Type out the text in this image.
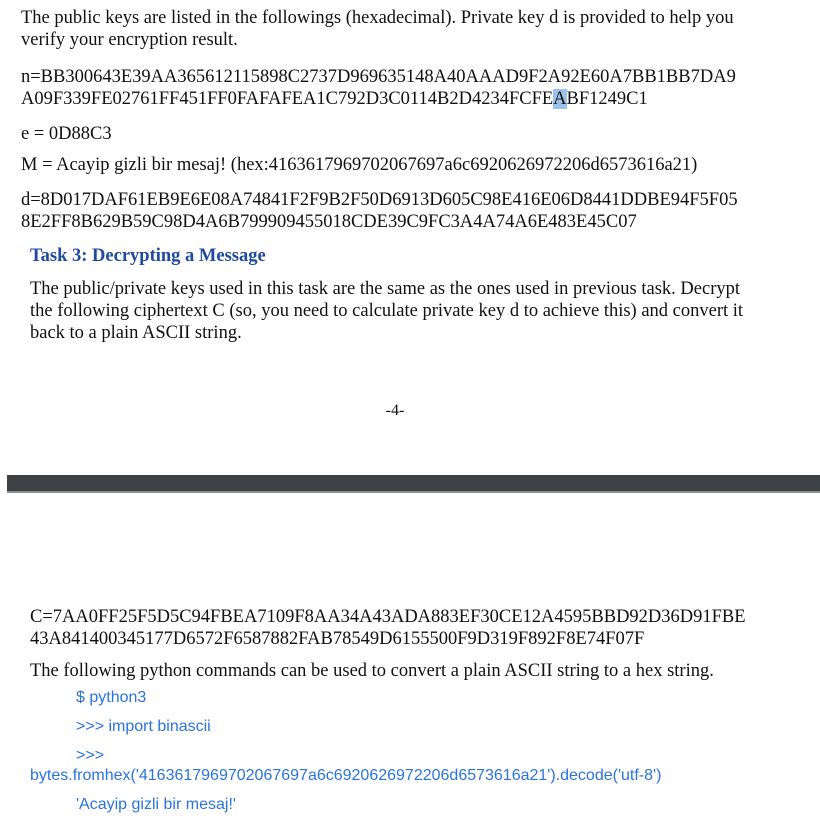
The public keys are listed in the followings (hexadecimal). Private key d is provided to help you
verify your encryption result.
n=BB300643E39AA365612115898C2737D969635148A40AAAD9F2A92E60A7BB1BB7DA9
A09F339FE02761FF451FF0FAFAFEA1C792D3C0114B2D4234FCFEABF1249C1
e = 0D88C3
M = Acayip gizli bir mesaj! (hex:4163617969702067697a6c6920626972206d6573616a21)
d=8D017DAF61EB9E6E08A74841F2F9B2F50D6913D605C98E416E06D8441DDBE94F5F05
8E2FF8B629B59C98D4A6B799909455018CDE39C9FC3A4A74A6E483E45C07
Task 3: Decrypting a Message
The public/private keys used in this task are the same as the ones used in previous task. Decrypt
the following ciphertext C (so, you need to calculate private key d to achieve this) and convert it
back to a plain ASCII string.
-4-
C=7AA0FF25F5D5C94FBEA7109F8AA34A43ADA883EF30CE12A4595BBD92D36D91FBE
43A841400345177D6572F6587882FAB78549D6155500F9D319F892F8E74F07F
The following python commands can be used to convert a plain ASCII string to a hex string.
$ python3
>>> import binascii
>>>
bytes.fromhex('4163617969702067697a6c6920626972206d6573616a21').decode('utf-8')
'Acayip gizli bir mesaj!'
